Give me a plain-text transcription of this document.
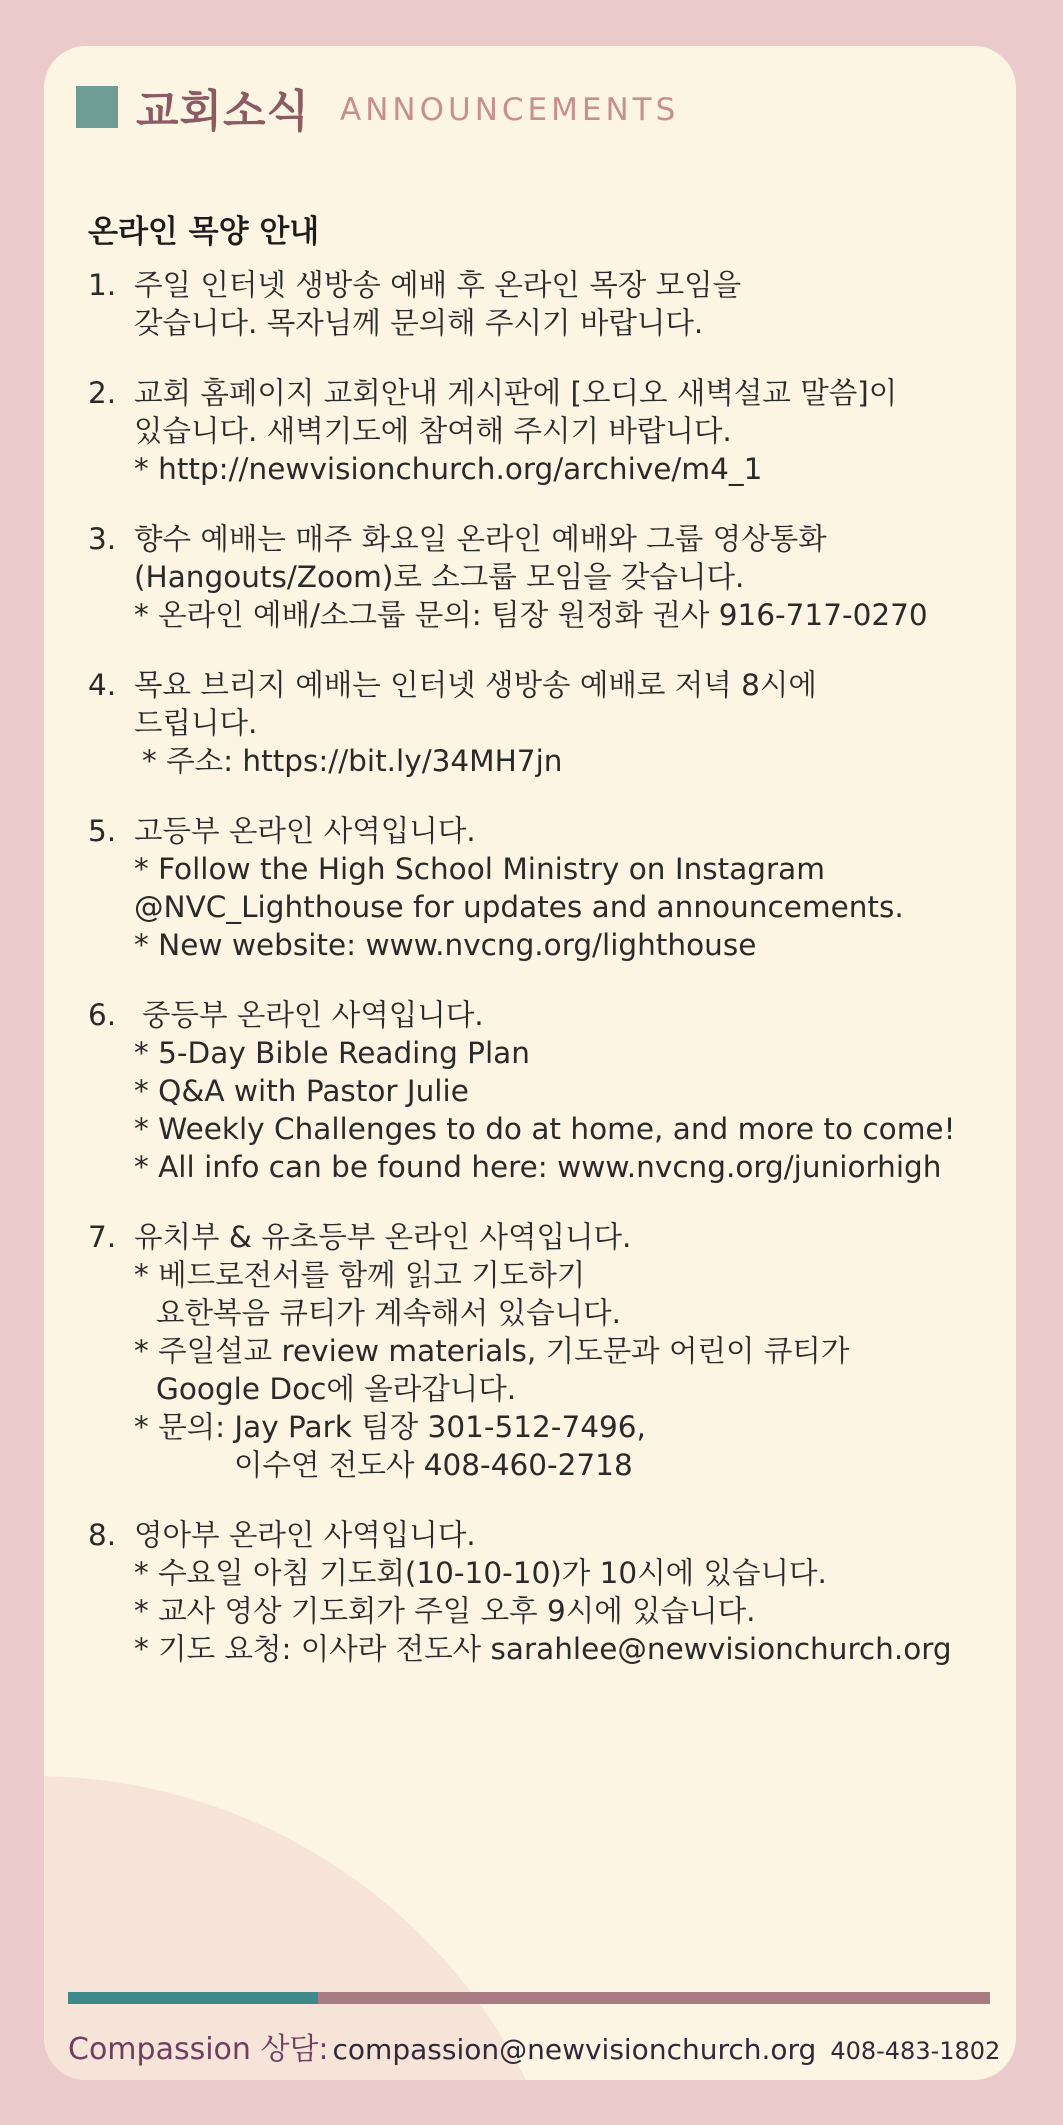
교회소식 ANNOUNCEMENTS
온라인 목양 안내
1. 주일 인터넷 생방송 예배 후 온라인 목장 모임을
갖습니다. 목자님께 문의해 주시기 바랍니다.
2. 교회 홈페이지 교회안내 게시판에 [오디오 새벽설교 말씀]이
있습니다. 새벽기도에 참여해 주시기 바랍니다.
* http://newvisionchurch.org/archive/m4_1
3. 향수 예배는 매주 화요일 온라인 예배와 그룹 영상통화
(Hangouts/Zoom)로 소그룹 모임을 갖습니다.
* 온라인 예배/소그룹 문의: 팀장 원정화 권사 916-717-0270
4. 목요 브리지 예배는 인터넷 생방송 예배로 저녁 8시에
드립니다.
* 주소: https://bit.ly/34MH7jn
5. 고등부 온라인 사역입니다.
* Follow the High School Ministry on Instagram
@NVC_Lighthouse for updates and announcements.
* New website: www.nvcng.org/lighthouse
6. 중등부 온라인 사역입니다.
* 5-Day Bible Reading Plan
* Q&A with Pastor Julie
* Weekly Challenges to do at home, and more to come!
* All info can be found here: www.nvcng.org/juniorhigh
7. 유치부 & 유초등부 온라인 사역입니다.
* 베드로전서를 함께 읽고 기도하기
요한복음 큐티가 계속해서 있습니다.
* 주일설교 review materials, 기도문과 어린이 큐티가
Google Doc에 올라갑니다.
* 문의: Jay Park 팀장 301-512-7496,
이수연 전도사 408-460-2718
8. 영아부 온라인 사역입니다.
* 수요일 아침 기도회(10-10-10)가 10시에 있습니다.
* 교사 영상 기도회가 주일 오후 9시에 있습니다.
* 기도 요청: 이사라 전도사 sarahlee@newvisionchurch.org
Compassion 상담: compassion@newvisionchurch.org 408-483-1802
